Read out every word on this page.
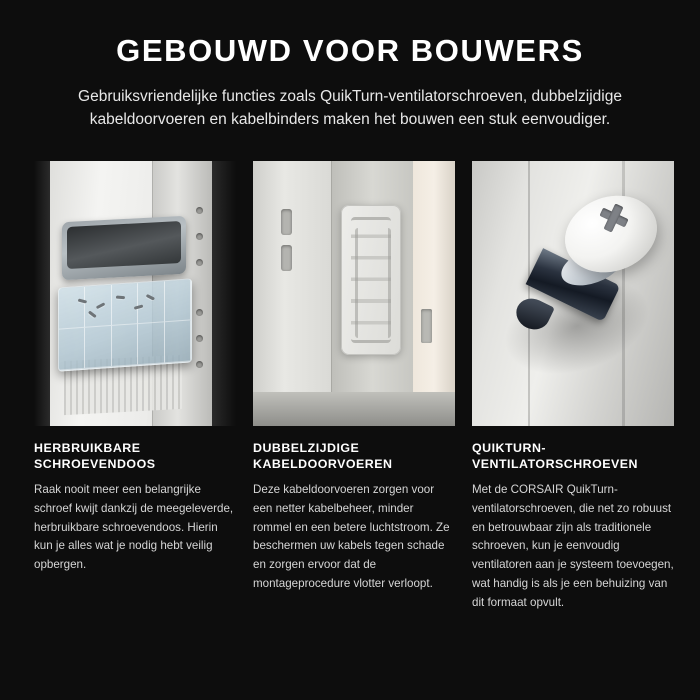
GEBOUWD VOOR BOUWERS

Gebruiksvriendelijke functies zoals QuikTurn-ventilatorschroeven, dubbelzijdige kabeldoorvoeren en kabelbinders maken het bouwen een stuk eenvoudiger.

HERBRUIKBARE SCHROEVENDOOS
Raak nooit meer een belangrijke schroef kwijt dankzij de meegeleverde, herbruikbare schroevendoos. Hierin kun je alles wat je nodig hebt veilig opbergen.
DUBBELZIJDIGE KABELDOORVOEREN
Deze kabeldoorvoeren zorgen voor een netter kabelbeheer, minder rommel en een betere luchtstroom. Ze beschermen uw kabels tegen schade en zorgen ervoor dat de montageprocedure vlotter verloopt.
QUIKTURN-VENTILATORSCHROEVEN
Met de CORSAIR QuikTurn-ventilatorschroeven, die net zo robuust en betrouwbaar zijn als traditionele schroeven, kun je eenvoudig ventilatoren aan je systeem toevoegen, wat handig is als je een behuizing van dit formaat opvult.
